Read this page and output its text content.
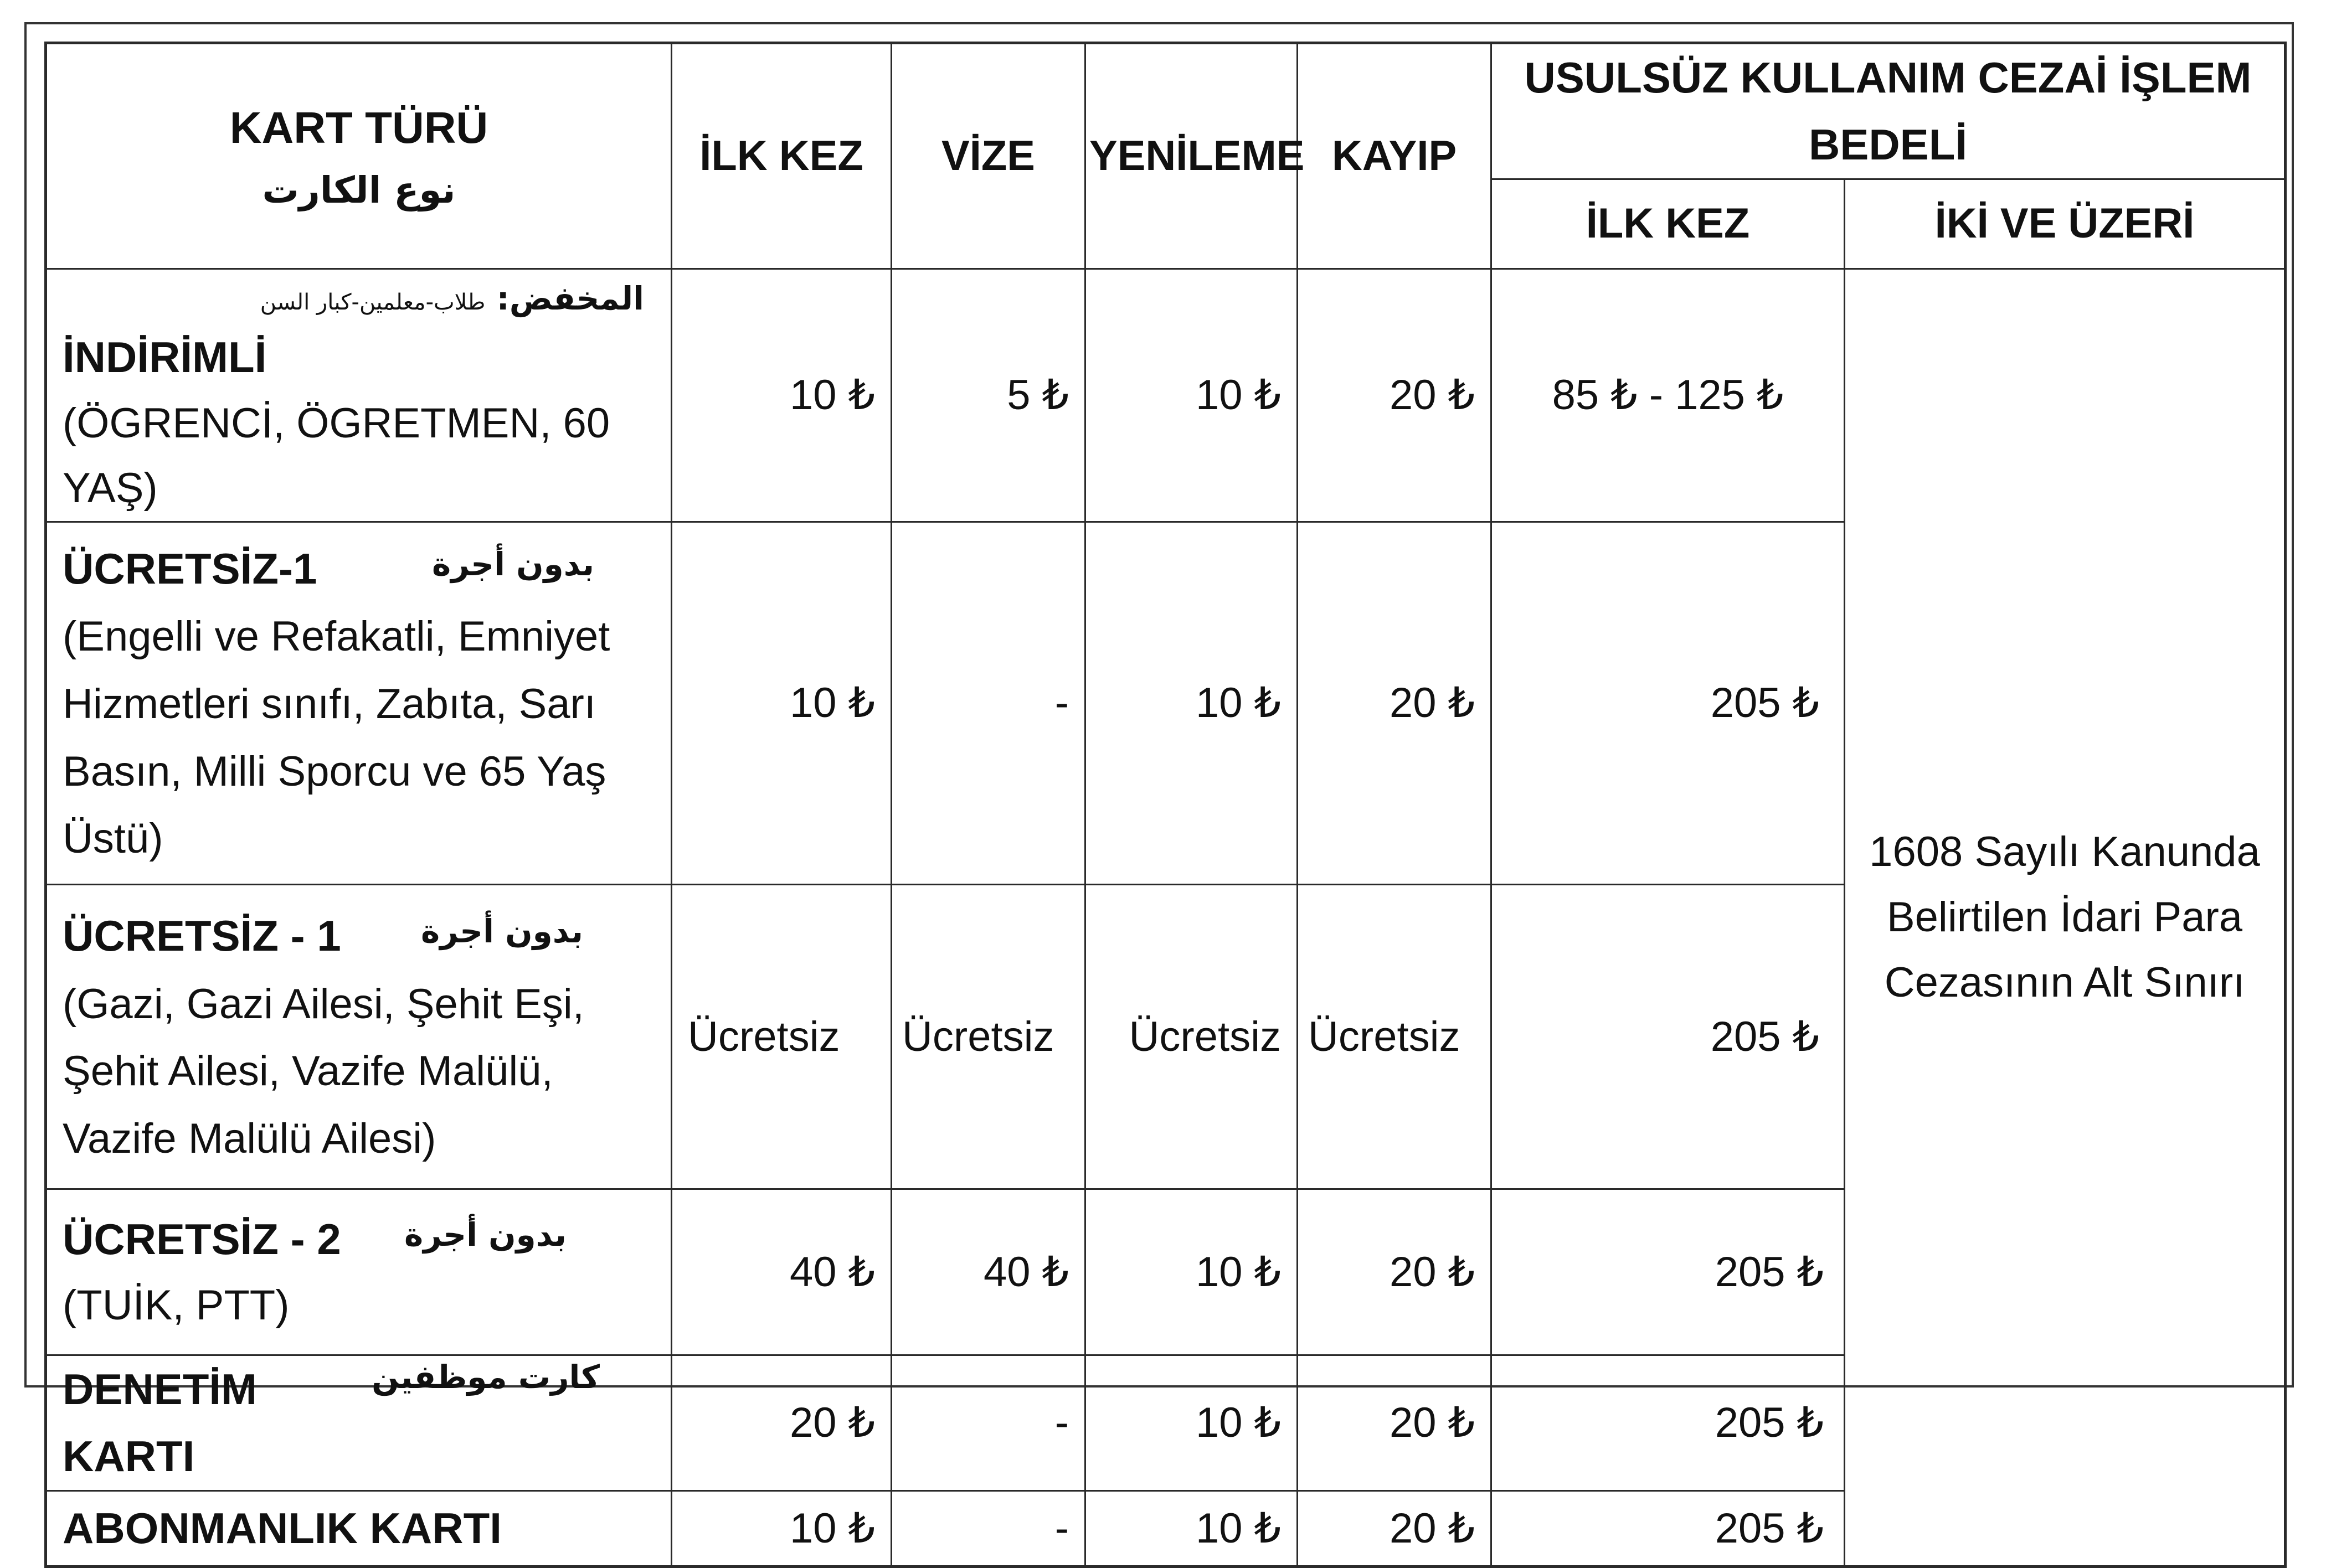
KART TÜRÜ
نوع الكارت	İLK KEZ	VİZE	YENİLEME	KAYIP	USULSÜZ KULLANIM CEZAİ İŞLEM BEDELİ	
					İLK KEZ	İKİ VE ÜZERİ

المخفض: طلاب-معلمين-كبار السن
İNDİRİMLİ
(ÖGRENCİ, ÖGRETMEN, 60 YAŞ)	10 ₺	5 ₺	10 ₺	20 ₺	85 ₺ - 125 ₺	1608 Sayılı Kanunda Belirtilen İdari Para Cezasının Alt Sınırı

بدون أجرة
ÜCRETSİZ-1
(Engelli ve Refakatli, Emniyet Hizmetleri sınıfı, Zabıta, Sarı Basın, Milli Sporcu ve 65 Yaş Üstü)	10 ₺	-	10 ₺	20 ₺	205 ₺	

بدون أجرة
ÜCRETSİZ - 1
(Gazi, Gazi Ailesi, Şehit Eşi, Şehit Ailesi, Vazife Malülü, Vazife Malülü Ailesi)	Ücretsiz	Ücretsiz	Ücretsiz	Ücretsiz	205 ₺	

بدون أجرة
ÜCRETSİZ - 2
(TUİK, PTT)	40 ₺	40 ₺	10 ₺	20 ₺	205 ₺	

كارت موظفين
DENETİM KARTI	20 ₺	-	10 ₺	20 ₺	205 ₺	
ABONMANLIK KARTI	10 ₺	-	10 ₺	20 ₺	205 ₺	
